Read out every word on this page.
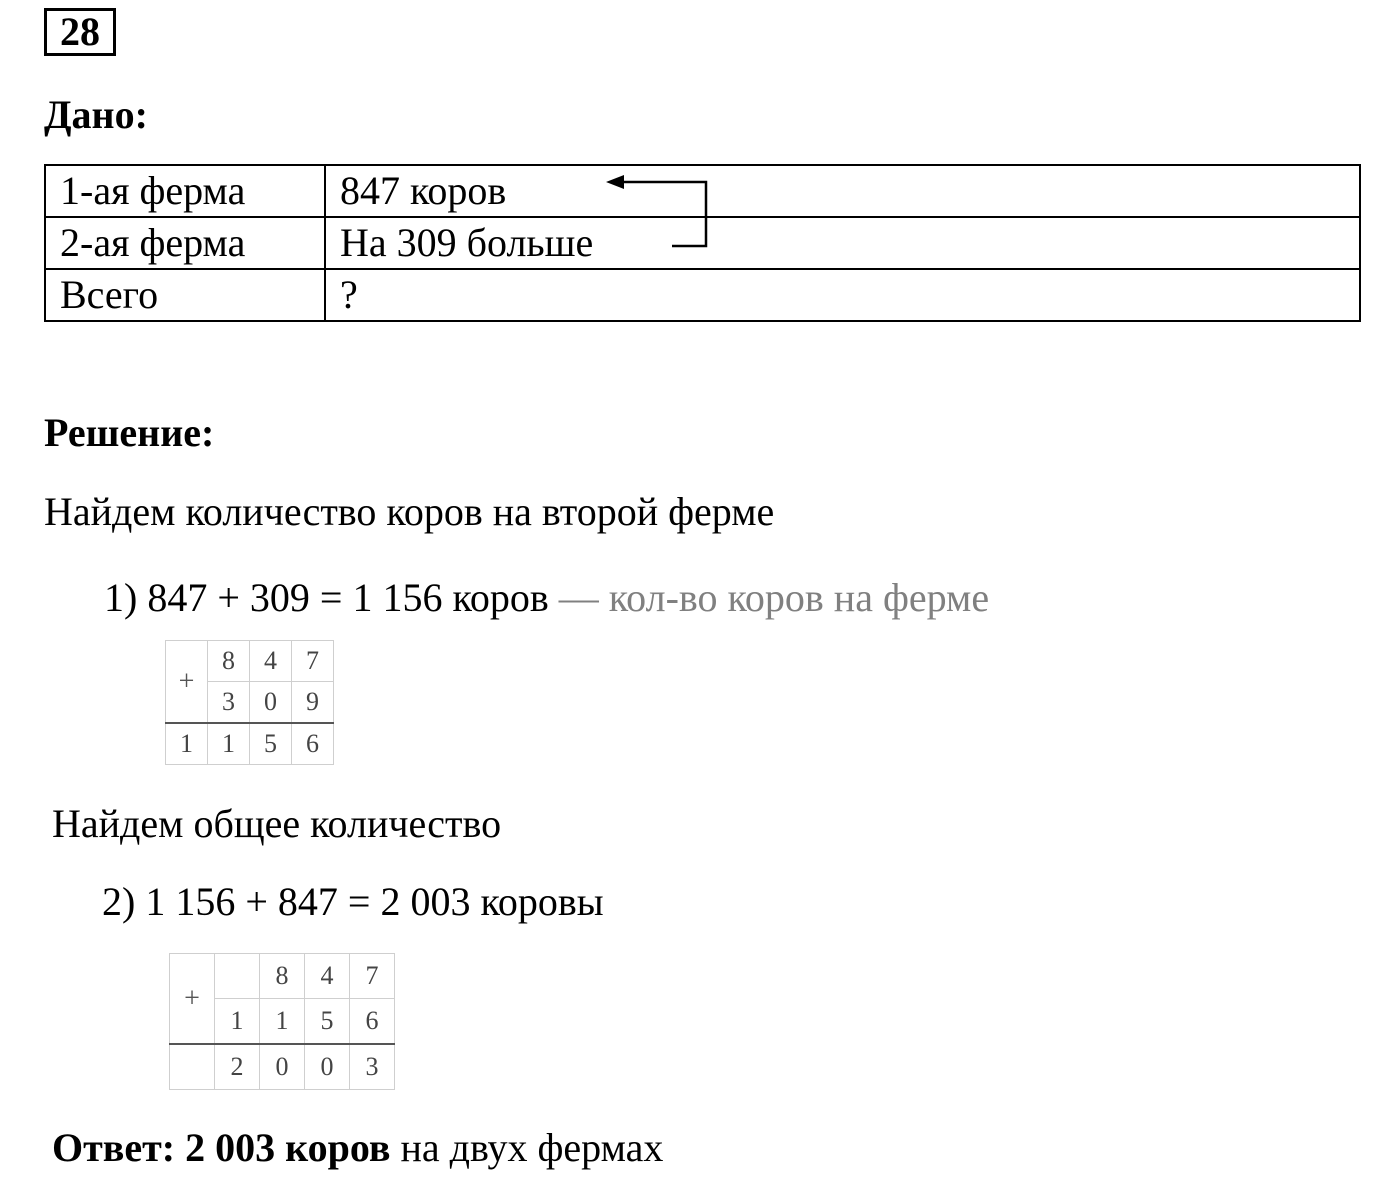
28
Дано:
1-ая ферма	847 коров
2-ая ферма	На 309 больше
Всего	?
Решение:
Найдем количество коров на второй ферме
1) 847 + 309 = 1 156 коров — кол-во коров на ферме
+	8	4	7
	3	0	9
1	1	5	6
Найдем общее количество
2) 1 156 + 847 = 2 003 коровы
+		8	4	7
	1	1	5	6
	2	0	0	3
Ответ: 2 003 коров на двух фермах
